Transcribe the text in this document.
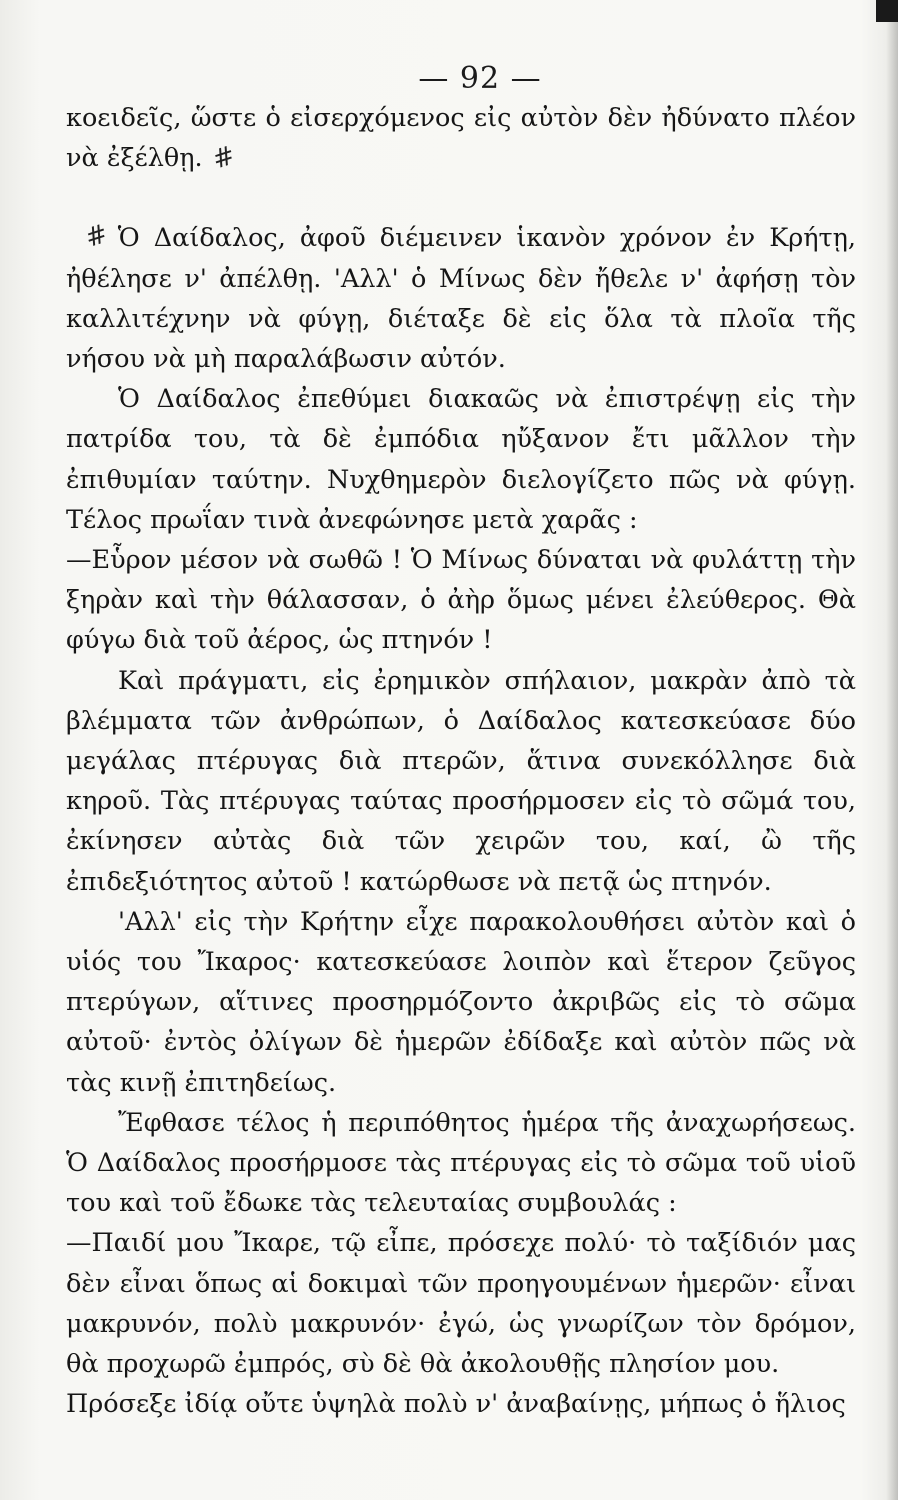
— 92 —

κοειδεῖς, ὥστε ὁ εἰσερχόμενος εἰς αὐτὸν δὲν ἠδύνατο πλέον νὰ ἐξέλθῃ. #

# Ὁ Δαίδαλος, ἀφοῦ διέμεινεν ἱκανὸν χρόνον ἐν Κρήτῃ, ἠθέλησε ν' ἀπέλθῃ. 'Αλλ' ὁ Μίνως δὲν ἤθελε ν' ἀφήσῃ τὸν καλλιτέχνην νὰ φύγῃ, διέταξε δὲ εἰς ὅλα τὰ πλοῖα τῆς νήσου νὰ μὴ παραλάβωσιν αὐτόν.

Ὁ Δαίδαλος ἐπεθύμει διακαῶς νὰ ἐπιστρέψῃ εἰς τὴν πατρίδα του, τὰ δὲ ἐμπόδια ηὔξανον ἔτι μᾶλλον τὴν ἐπιθυμίαν ταύτην. Νυχθημερὸν διελογίζετο πῶς νὰ φύγῃ. Τέλος πρωΐαν τινὰ ἀνεφώνησε μετὰ χαρᾶς :

—Εὗρον μέσον νὰ σωθῶ ! Ὁ Μίνως δύναται νὰ φυλάττῃ τὴν ξηρὰν καὶ τὴν θάλασσαν, ὁ ἀὴρ ὅμως μένει ἐλεύθερος. Θὰ φύγω διὰ τοῦ ἀέρος, ὡς πτηνόν !

Καὶ πράγματι, εἰς ἐρημικὸν σπήλαιον, μακρὰν ἀπὸ τὰ βλέμματα τῶν ἀνθρώπων, ὁ Δαίδαλος κατεσκεύασε δύο μεγάλας πτέρυγας διὰ πτερῶν, ἅτινα συνεκόλλησε διὰ κηροῦ. Τὰς πτέρυγας ταύτας προσήρμοσεν εἰς τὸ σῶμά του, ἐκίνησεν αὐτὰς διὰ τῶν χειρῶν του, καί, ὢ τῆς ἐπιδεξιότητος αὐτοῦ ! κατώρθωσε νὰ πετᾷ ὡς πτηνόν.

'Αλλ' εἰς τὴν Κρήτην εἶχε παρακολουθήσει αὐτὸν καὶ ὁ υἱός του Ἴκαρος· κατεσκεύασε λοιπὸν καὶ ἕτερον ζεῦγος πτερύγων, αἵτινες προσηρμόζοντο ἀκριβῶς εἰς τὸ σῶμα αὐτοῦ· ἐντὸς ὀλίγων δὲ ἡμερῶν ἐδίδαξε καὶ αὐτὸν πῶς νὰ τὰς κινῇ ἐπιτηδείως.

Ἔφθασε τέλος ἡ περιπόθητος ἡμέρα τῆς ἀναχωρήσεως. Ὁ Δαίδαλος προσήρμοσε τὰς πτέρυγας εἰς τὸ σῶμα τοῦ υἱοῦ του καὶ τοῦ ἔδωκε τὰς τελευταίας συμβουλάς :

—Παιδί μου Ἴκαρε, τῷ εἶπε, πρόσεχε πολύ· τὸ ταξίδιόν μας δὲν εἶναι ὅπως αἱ δοκιμαὶ τῶν προηγουμένων ἡμερῶν· εἶναι μακρυνόν, πολὺ μακρυνόν· ἐγώ, ὡς γνωρίζων τὸν δρόμον, θὰ προχωρῶ ἐμπρός, σὺ δὲ θὰ ἀκολουθῇς πλησίον μου.

Πρόσεξε ἰδίᾳ οὔτε ὑψηλὰ πολὺ ν' ἀναβαίνῃς, μήπως ὁ ἥλιος
